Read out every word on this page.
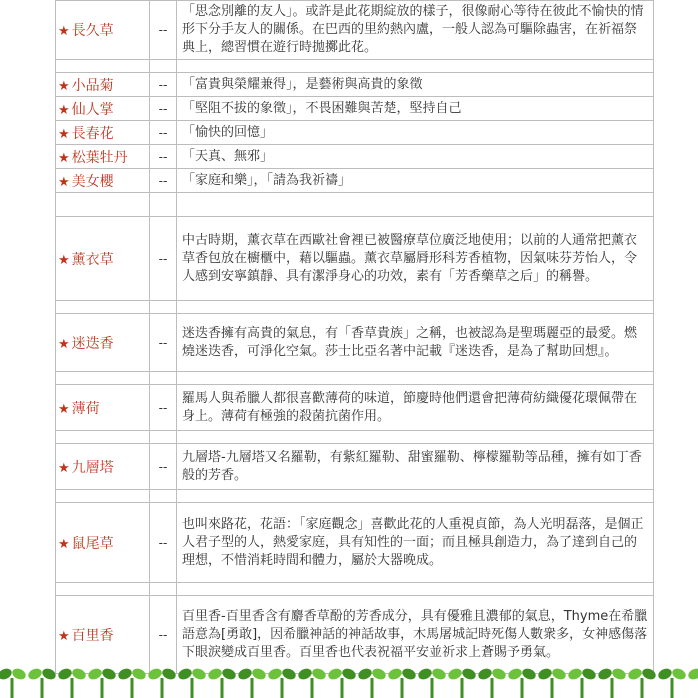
★ 長久草	--	「思念別離的友人」。或許是此花期綻放的樣子，很像耐心等待在彼此不愉快的情形下分手友人的關係。在巴西的里約熱內盧，一般人認為可驅除蟲害，在祈福祭典上，總習慣在遊行時拋擲此花。

★ 小品菊	--	「富貴與榮耀兼得」，是藝術與高貴的象徵
★ 仙人掌	--	「堅阻不拔的象徵」，不畏困難與苦楚，堅持自己
★ 長春花	--	「愉快的回憶」
★ 松葉牡丹	--	「天真、無邪」
★ 美女櫻	--	「家庭和樂」，「請為我祈禱」

★ 薰衣草	--	中古時期，薰衣草在西歐社會裡已被醫療草位廣泛地使用；以前的人通常把薰衣草香包放在櫥櫃中，藉以驅蟲。薰衣草屬脣形科芳香植物，因氣味芬芳怡人，令人感到安寧鎮靜、具有潔淨身心的功效，素有「芳香藥草之后」的稱譽。

★ 迷迭香	--	迷迭香擁有高貴的氣息，有「香草貴族」之稱，也被認為是聖瑪麗亞的最愛。燃燒迷迭香，可淨化空氣。莎士比亞名著中記載『迷迭香，是為了幫助回想』。

★ 薄荷	--	羅馬人與希臘人都很喜歡薄荷的味道，節慶時他們還會把薄荷紡織優花環佩帶在身上。薄荷有極強的殺菌抗菌作用。

★ 九層塔	--	九層塔-九層塔又名羅勒，有紫紅羅勒、甜蜜羅勒、檸檬羅勒等品種，擁有如丁香般的芳香。

★ 鼠尾草	--	也叫來路花，花語：「家庭觀念」喜歡此花的人重視貞節，為人光明磊落，是個正人君子型的人，熱愛家庭，具有知性的一面；而且極具創造力，為了達到自己的理想，不惜消耗時間和體力，屬於大器晚成。

★ 百里香	--	百里香-百里香含有麝香草酚的芳香成分，具有優雅且濃郁的氣息，Thyme在希臘語意為[勇敢]，因希臘神話的神話故事，木馬屠城記時死傷人數衆多，女神感傷落下眼淚變成百里香。百里香也代表祝福平安並祈求上蒼賜予勇氣。
